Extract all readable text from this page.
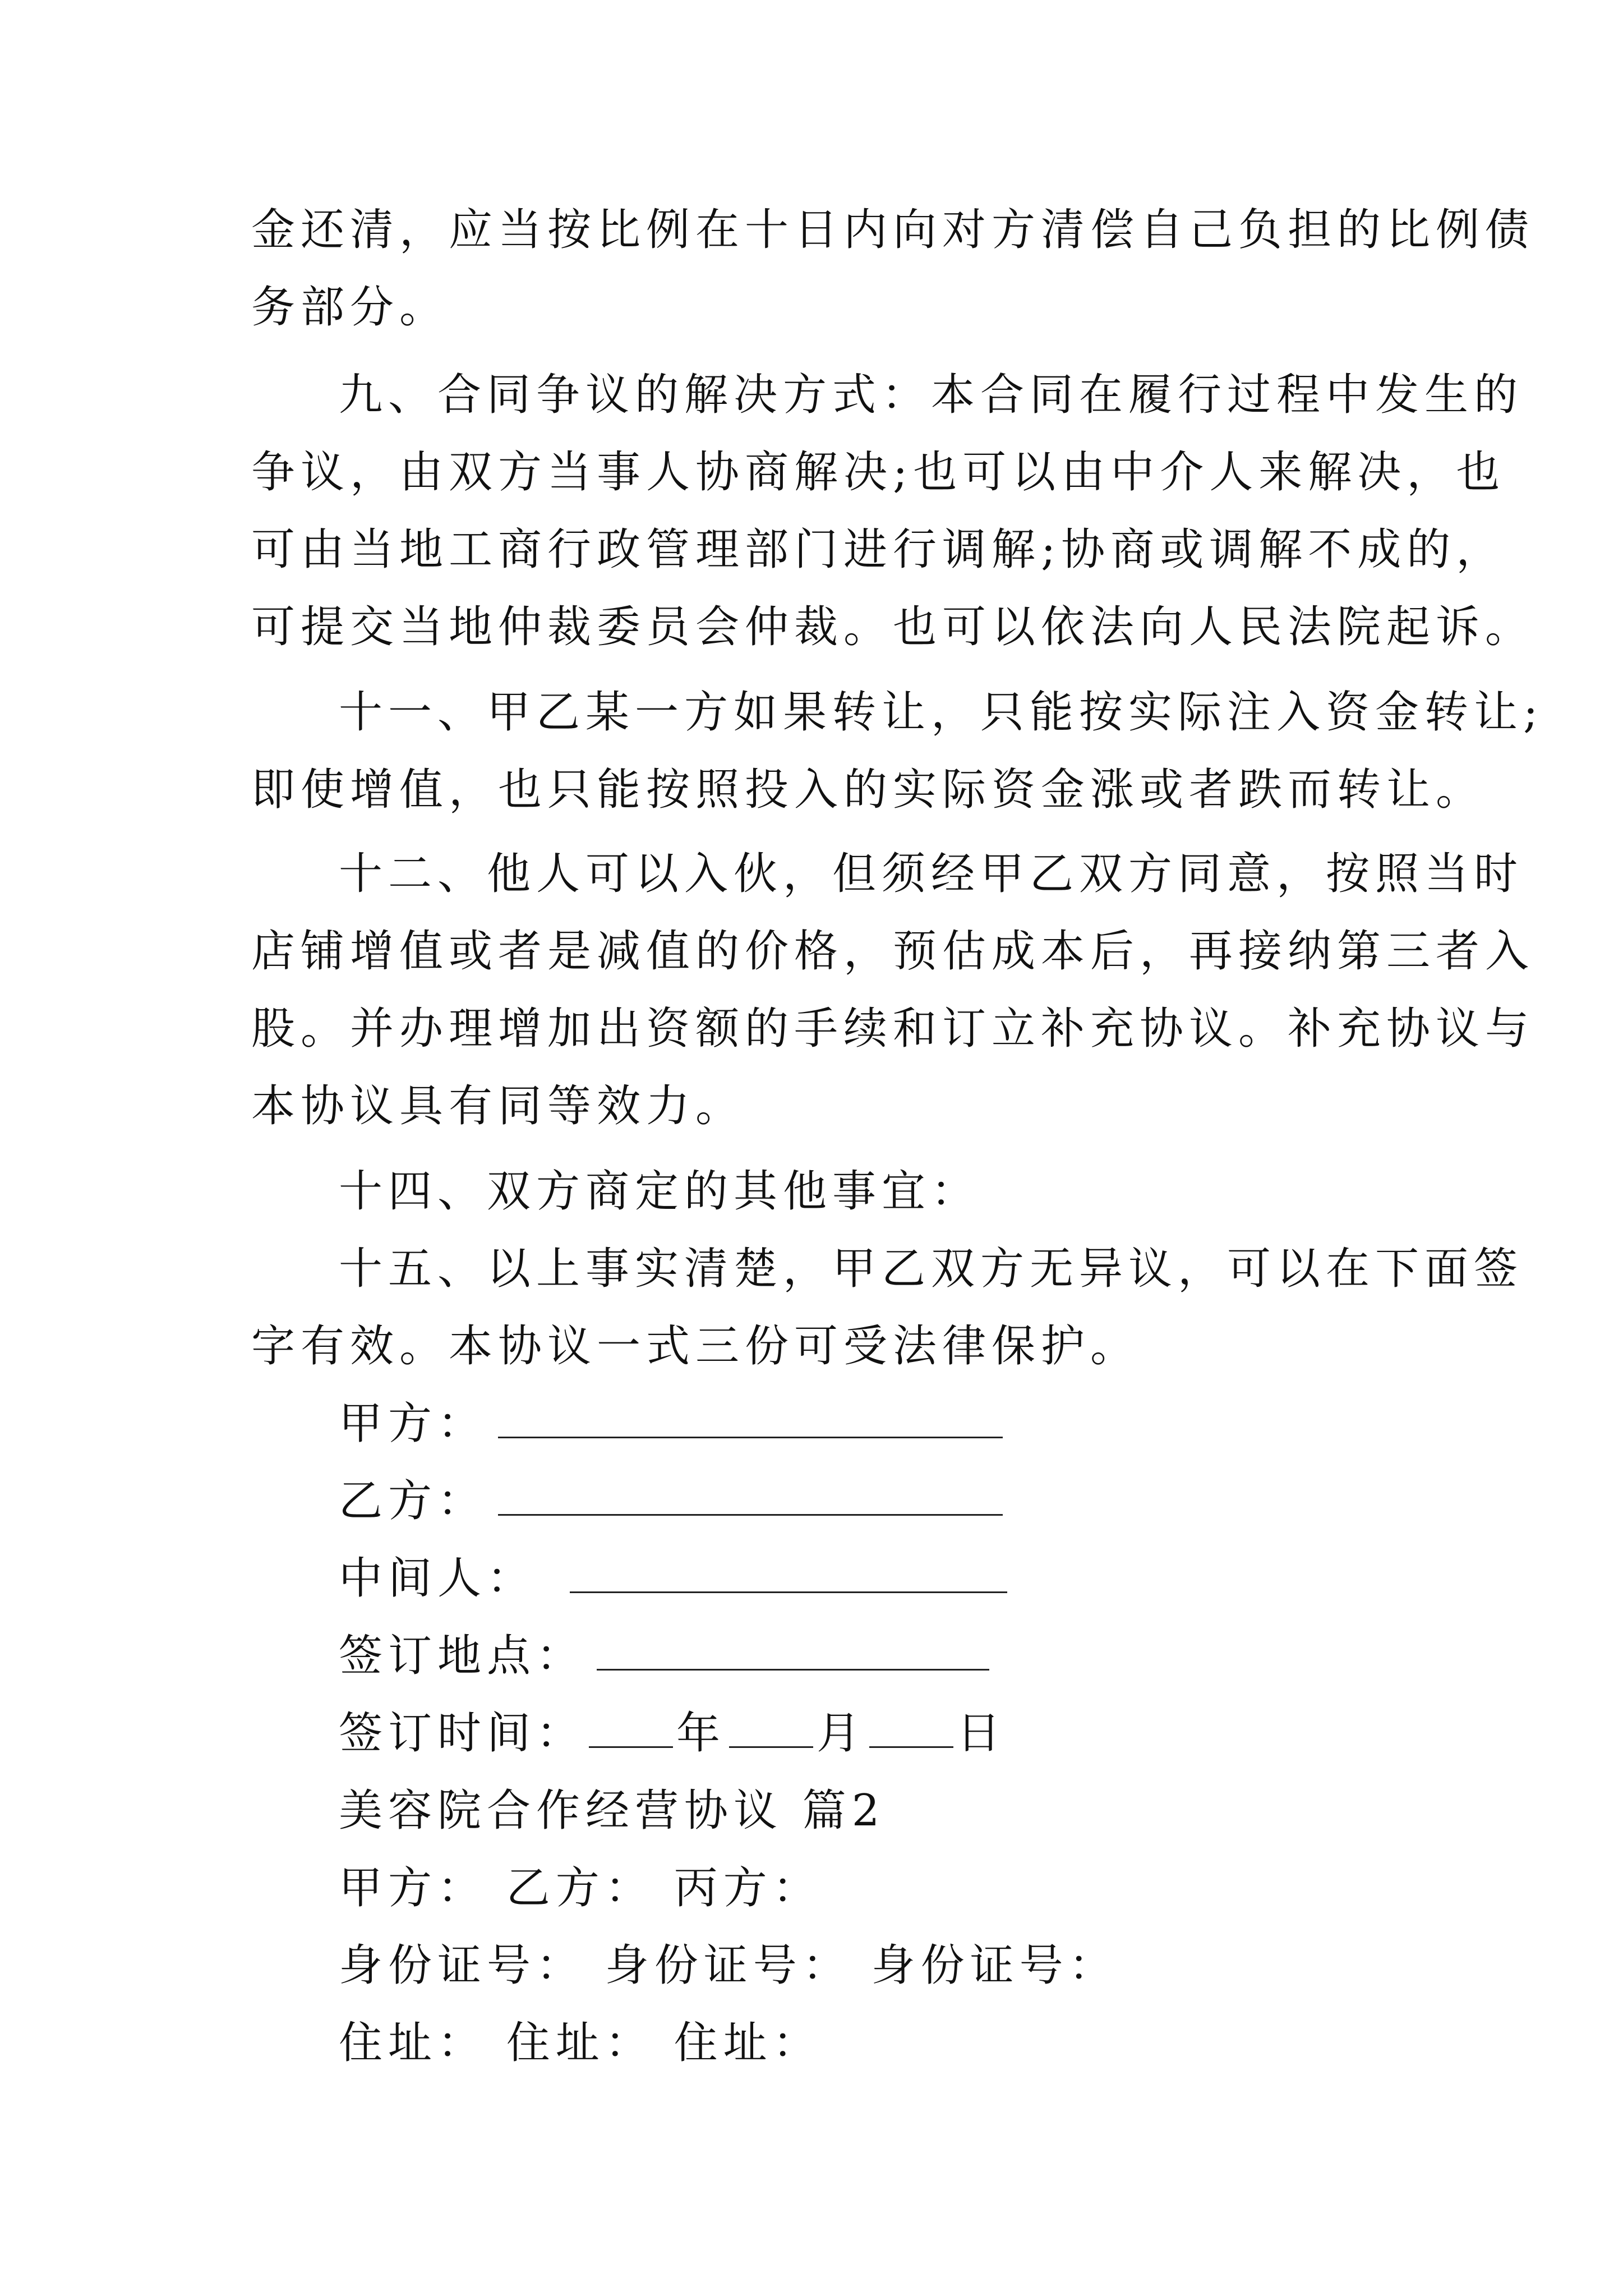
金还清，应当按比例在十日内向对方清偿自己负担的比例债
务部分。
九、合同争议的解决方式：本合同在履行过程中发生的
争议，由双方当事人协商解决;也可以由中介人来解决，也
可由当地工商行政管理部门进行调解;协商或调解不成的，
可提交当地仲裁委员会仲裁。也可以依法向人民法院起诉。
十一、甲乙某一方如果转让，只能按实际注入资金转让;
即使增值，也只能按照投入的实际资金涨或者跌而转让。
十二、他人可以入伙，但须经甲乙双方同意，按照当时
店铺增值或者是减值的价格，预估成本后，再接纳第三者入
股。并办理增加出资额的手续和订立补充协议。补充协议与
本协议具有同等效力。
十四、双方商定的其他事宜：
十五、以上事实清楚，甲乙双方无异议，可以在下面签
字有效。本协议一式三份可受法律保护。
甲方：
乙方：
中间人：
签订地点：
签订时间： 年 月 日
美容院合作经营协议 篇2
甲方： 乙方： 丙方：
身份证号： 身份证号： 身份证号：
住址： 住址： 住址：
